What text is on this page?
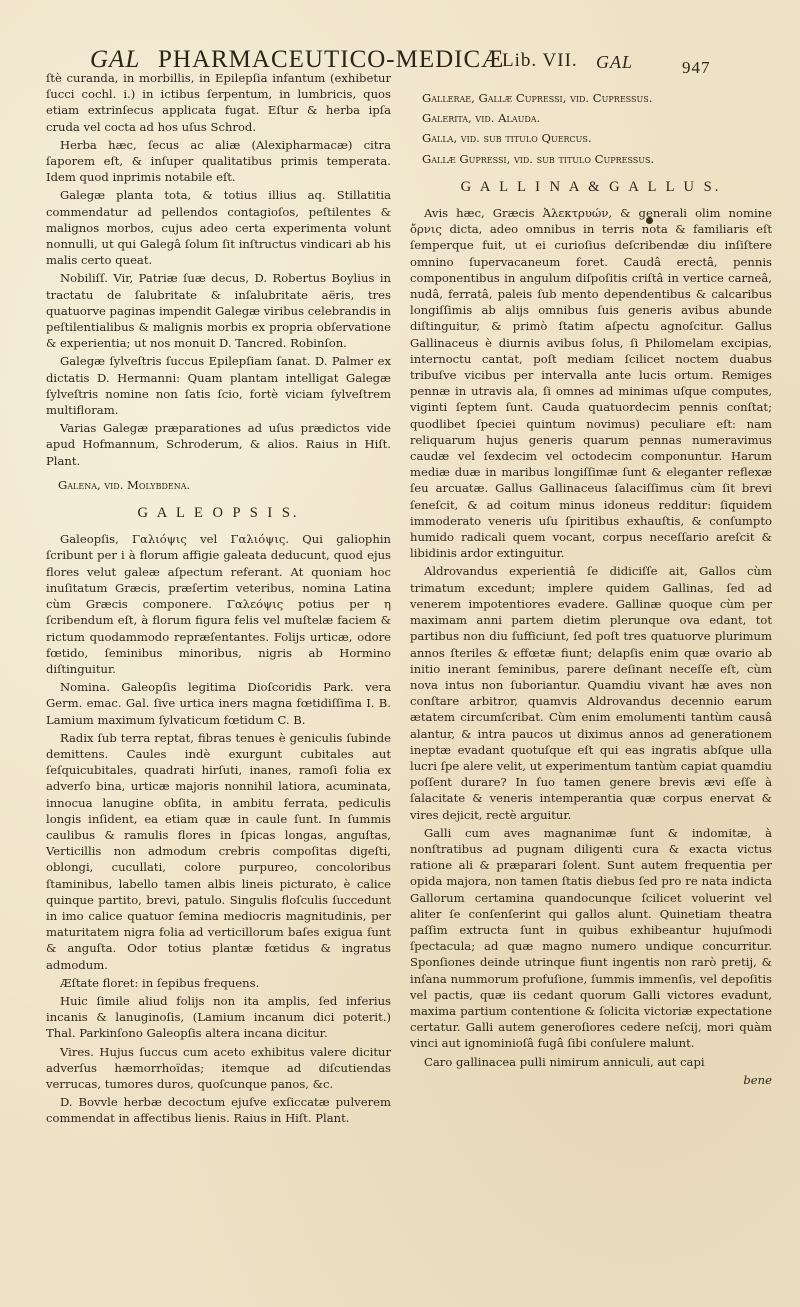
GAL PHARMACEUTICO-MEDICÆ
Lib. VII. GAL	947

ſtè curanda, in morbillis, in Epilepſia infantum (exhibetur ſucci cochl. i.) in ictibus ſerpentum, in lumbricis, quos etiam extrinſecus applicata fugat. Eſtur & herba ipſa cruda vel cocta ad hos uſus Schrod.

Herba hæc, ſecus ac aliæ (Alexipharmacæ) citra ſaporem eſt, & inſuper qualitatibus primis temperata. Idem quod inprimis notabile eſt.

Galegæ planta tota, & totius illius aq. Stillatitia commendatur ad pellendos contagioſos, peſtilentes & malignos morbos, cujus adeo certa experimenta volunt nonnulli, ut qui Galegâ ſolum ſit inſtructus vindicari ab his malis certo queat.

Nobiliſſ. Vir, Patriæ ſuæ decus, D. Robertus Boylius in tractatu de ſalubritate & inſalubritate aëris, tres quatuorve paginas impendit Galegæ viribus celebrandis in peſtilentialibus & malignis morbis ex propria obſervatione & experientia; ut nos monuit D. Tancred. Robinſon.

Galegæ ſylveſtris ſuccus Epilepſiam ſanat. D. Palmer ex dictatis D. Hermanni: Quam plantam intelligat Galegæ ſylveſtris nomine non ſatis ſcio, fortè viciam ſylveſtrem multifloram.

Varias Galegæ præparationes ad uſus prædictos vide apud Hofmannum, Schroderum, & alios. Raius in Hiſt. Plant.

Galena, vid. Molybdena.
G A L E O P S I S.

Galeopſis, Γαλιόψις vel Γαλιόψις. Qui galiophin ſcribunt per i à florum affigie galeata deducunt, quod ejus flores velut galeæ aſpectum referant. At quoniam hoc inuſitatum Græcis, præſertim veteribus, nomina Latina cùm Græcis componere. Γαλεόψις potius per η ſcribendum eſt, à florum figura felis vel muſtelæ faciem & rictum quodammodo repræſentantes. Folijs urticæ, odore fœtido, ſeminibus minoribus, nigris ab Hormino diſtinguitur.

Nomina. Galeopſis legitima Dioſcoridis Park. vera Germ. emac. Gal. ſive urtica iners magna fœtidiſſima I. B. Lamium maximum ſylvaticum fœtidum C. B.

Radix ſub terra reptat, fibras tenues è geniculis ſubinde demittens. Caules indè exurgunt cubitales aut ſeſquicubitales, quadrati hirſuti, inanes, ramoſi folia ex adverſo bina, urticæ majoris nonnihil latiora, acuminata, innocua lanugine obſita, in ambitu ferrata, pediculis longis inſident, ea etiam quæ in caule ſunt. In ſummis caulibus & ramulis flores in ſpicas longas, anguſtas, Verticillis non admodum crebris compoſitas digeſti, oblongi, cucullati, colore purpureo, concoloribus ſtaminibus, labello tamen albis lineis picturato, è calice quinque partito, brevi, patulo. Singulis floſculis ſuccedunt in imo calice quatuor ſemina mediocris magnitudinis, per maturitatem nigra folia ad verticillorum baſes exigua ſunt & anguſta. Odor totius plantæ fœtidus & ingratus admodum.

Æſtate floret: in ſepibus frequens.

Huic ſimile aliud folijs non ita amplis, ſed inferius incanis & lanuginoſis, (Lamium incanum dici poterit.) Thal. Parkinſono Galeopſis altera incana dicitur.

Vires. Hujus ſuccus cum aceto exhibitus valere dicitur adverſus hæmorrhoïdas; itemque ad diſcutiendas verrucas, tumores duros, quoſcunque panos, &c.

D. Bovvle herbæ decoctum ejuſve exſiccatæ pulverem commendat in affectibus lienis. Raius in Hiſt. Plant.

Gallerae, Gallæ Cupressi, vid. Cupreſſus.
Galerita, vid. Alauda.
Galla, vid. ſub titulo Quercus.
Gallæ Gupressi, vid. ſub titulo Cupreſſus.
G A L L I N A & G A L L U S.

Avis hæc, Græcis Ἀλεκτρυών, & generali olim nomine ὄρνις dicta, adeo omnibus in terris nota & familiaris eſt ſemperque fuit, ut ei curioſius deſcribendæ diu inſiſtere omnino ſupervacaneum foret. Caudâ erectâ, pennis componentibus in angulum diſpoſitis criſtâ in vertice carneâ, nudâ, ferratâ, paleis ſub mento dependentibus & calcaribus longiſſimis ab alijs omnibus ſuis generis avibus abunde diſtinguitur, & primò ſtatim aſpectu agnoſcitur. Gallus Gallinaceus è diurnis avibus ſolus, ſi Philomelam excipias, internoctu cantat, poſt mediam ſcilicet noctem duabus tribuſve vicibus per intervalla ante lucis ortum. Remiges pennæ in utravis ala, ſi omnes ad minimas uſque computes, viginti ſeptem ſunt. Cauda quatuordecim pennis conſtat; quodlibet ſpeciei quintum novimus) peculiare eſt: nam reliquarum hujus generis quarum pennas numeravimus caudæ vel ſexdecim vel octodecim componuntur. Harum mediæ duæ in maribus longiſſimæ ſunt & eleganter reflexæ ſeu arcuatæ. Gallus Gallinaceus ſalaciſſimus cùm ſit brevi ſeneſcit, & ad coitum minus idoneus redditur: ſiquidem immoderato veneris uſu ſpiritibus exhauſtis, & conſumpto humido radicali quem vocant, corpus neceſſario areſcit & libidinis ardor extinguitur.

Aldrovandus experientiâ ſe didiciſſe ait, Gallos cùm trimatum excedunt; implere quidem Gallinas, ſed ad venerem impotentiores evadere. Gallinæ quoque cùm per maximam anni partem dietim plerunque ova edant, tot partibus non diu ſufficiunt, ſed poſt tres quatuorve plurimum annos ſteriles & effœtæ fiunt; delapſis enim quæ ovario ab initio inerant ſeminibus, parere deſinant neceſſe eſt, cùm nova intus non ſuboriantur. Quamdiu vivant hæ aves non conſtare arbitror, quamvis Aldrovandus decennio earum ætatem circumſcribat. Cùm enim emolumenti tantùm causâ alantur, & intra paucos ut diximus annos ad generationem ineptæ evadant quotuſque eſt qui eas ingratis abſque ulla lucri ſpe alere velit, ut experimentum tantùm capiat quamdiu poſſent durare? In ſuo tamen genere brevis ævi eſſe à ſalacitate & veneris intemperantia quæ corpus enervat & vires dejicit, rectè arguitur.

Galli cum aves magnanimæ ſunt & indomitæ, à nonſtratibus ad pugnam diligenti cura & exacta victus ratione ali & præparari ſolent. Sunt autem frequentia per opida majora, non tamen ſtatis diebus ſed pro re nata indicta Gallorum certamina quandocunque ſcilicet voluerint vel aliter ſe conſenſerint qui gallos alunt. Quinetiam theatra paſſim extructa ſunt in quibus exhibeantur hujuſmodi ſpectacula; ad quæ magno numero undique concurritur. Sponſiones deinde utrinque fiunt ingentis non rarò pretij, & inſana nummorum profuſione, ſummis immenſis, vel depoſitis vel pactis, quæ iis cedant quorum Galli victores evadunt, maxima partium contentione & ſolicita victoriæ expectatione certatur. Galli autem generoſiores cedere neſcij, mori quàm vinci aut ignominioſâ fugâ ſibi conſulere malunt.

Caro gallinacea pulli nimirum anniculi, aut capi

bene
